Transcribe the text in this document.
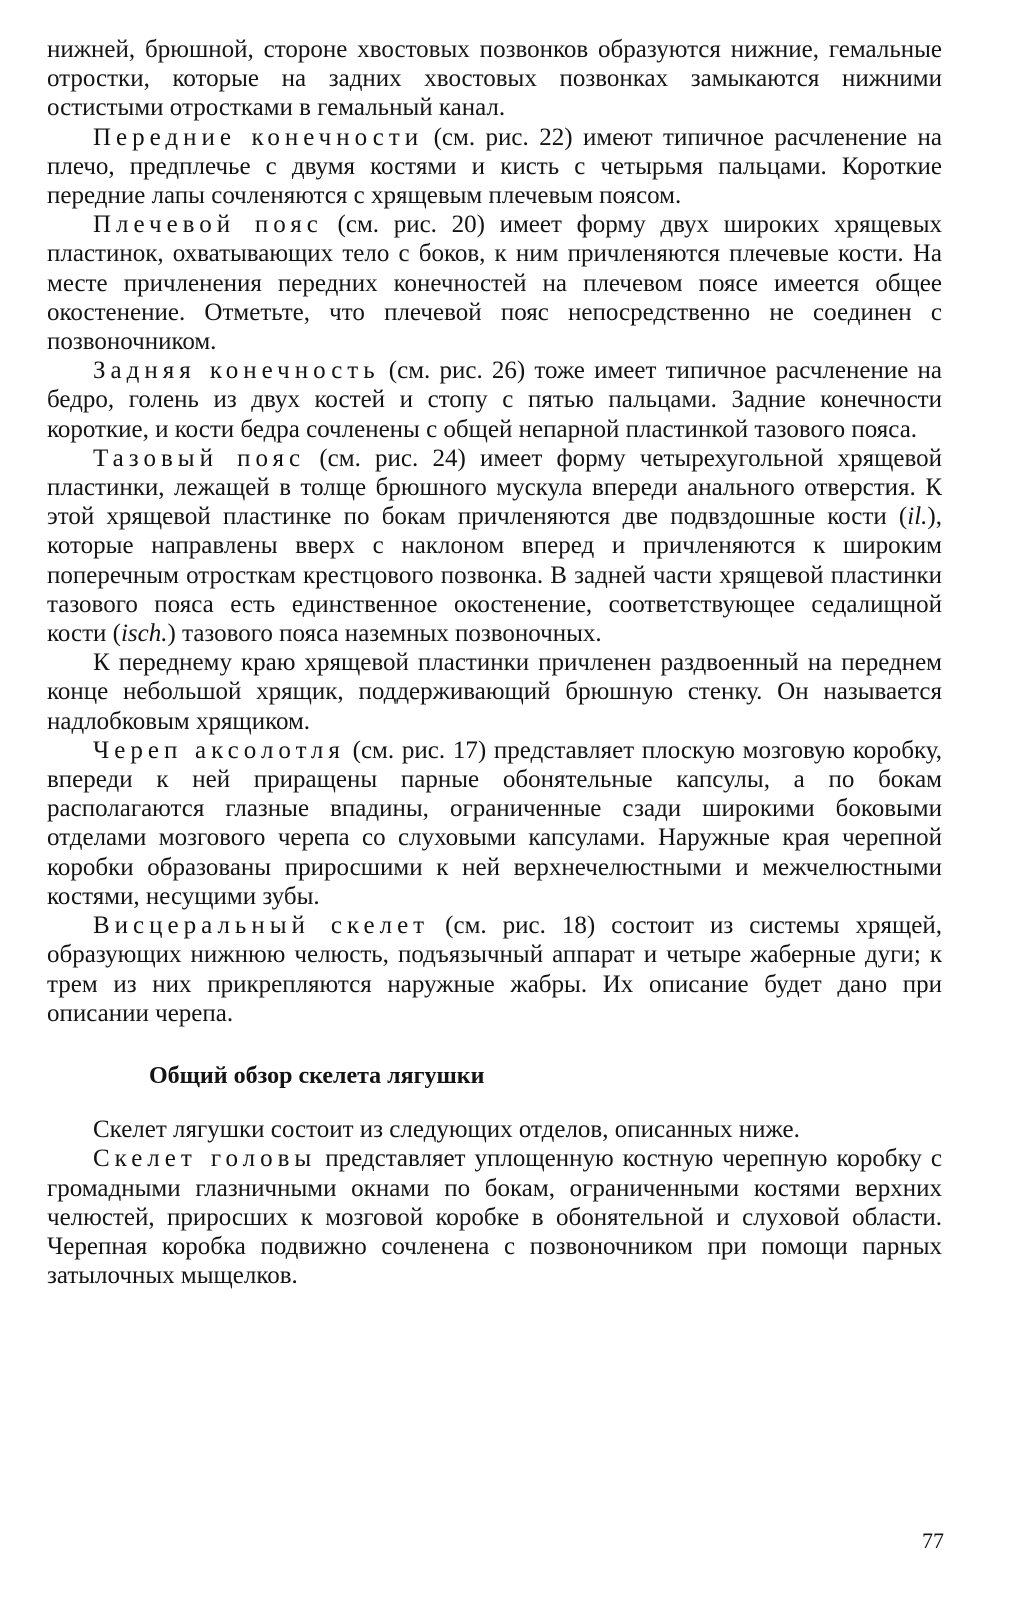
нижней, брюшной, стороне хвостовых позвонков образуются нижние, гемальные отростки, которые на задних хвостовых позвонках замыкаются нижними остистыми отростками в гемальный канал.

Передние конечности (см. рис. 22) имеют типичное расчленение на плечо, предплечье с двумя костями и кисть с четырьмя пальцами. Короткие передние лапы сочленяются с хрящевым плечевым поясом.

Плечевой пояс (см. рис. 20) имеет форму двух широких хрящевых пластинок, охватывающих тело с боков, к ним причленяются плечевые кости. На месте причленения передних конечностей на плечевом поясе имеется общее окостенение. Отметьте, что плечевой пояс непосредственно не соединен с позвоночником.

Задняя конечность (см. рис. 26) тоже имеет типичное расчленение на бедро, голень из двух костей и стопу с пятью пальцами. Задние конечности короткие, и кости бедра сочленены с общей непарной пластинкой тазового пояса.

Тазовый пояс (см. рис. 24) имеет форму четырехугольной хрящевой пластинки, лежащей в толще брюшного мускула впереди анального отверстия. К этой хрящевой пластинке по бокам причленяются две подвздошные кости (il.), которые направлены вверх с наклоном вперед и причленяются к широким поперечным отросткам крестцового позвонка. В задней части хрящевой пластинки тазового пояса есть единственное окостенение, соответствующее седалищной кости (isch.) тазового пояса наземных позвоночных.

К переднему краю хрящевой пластинки причленен раздвоенный на переднем конце небольшой хрящик, поддерживающий брюшную стенку. Он называется надлобковым хрящиком.

Череп аксолотля (см. рис. 17) представляет плоскую мозговую коробку, впереди к ней приращены парные обонятельные капсулы, а по бокам располагаются глазные впадины, ограниченные сзади широкими боковыми отделами мозгового черепа со слуховыми капсулами. Наружные края черепной коробки образованы приросшими к ней верхнечелюстными и межчелюстными костями, несущими зубы.

Висцеральный скелет (см. рис. 18) состоит из системы хрящей, образующих нижнюю челюсть, подъязычный аппарат и четыре жаберные дуги; к трем из них прикрепляются наружные жабры. Их описание будет дано при описании черепа.

Общий обзор скелета лягушки

Скелет лягушки состоит из следующих отделов, описанных ниже.

Скелет головы представляет уплощенную костную черепную коробку с громадными глазничными окнами по бокам, ограниченными костями верхних челюстей, приросших к мозговой коробке в обонятельной и слуховой области. Черепная коробка подвижно сочленена с позвоночником при помощи парных затылочных мыщелков.

77
